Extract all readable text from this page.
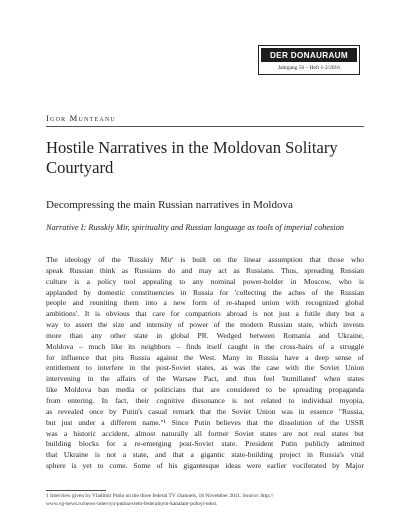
DER DONAURAUM
Jahrgang 56 – Heft 1-2/2016
Igor Munteanu
Hostile Narratives in the Moldovan Solitary Courtyard
Decompressing the main Russian narratives in Moldova
Narrative I: Russkiy Mir, spirituality and Russian language as tools of imperial cohesion
The ideology of the 'Russkiy Mir' is built on the linear assumption that those who
speak Russian think as Russians do and may act as Russians. Thus, spreading Russian
culture is a policy tool appealing to any nominal power-holder in Moscow, who is
applauded by domestic constituencies in Russia for 'collecting the aches of the Russian
people and reuniting them into a new form of re-shaped union with recognized global
ambitions'. It is obvious that care for compatriots abroad is not just a futile duty but a
way to assert the size and intensity of power of the modern Russian state, which invests
more than any other state in global PR. Wedged between Romania and Ukraine,
Moldova – much like its neighbors – finds itself caught in the cross-hairs of a struggle
for influence that pits Russia against the West. Many in Russia have a deep sense of
entitlement to interfere in the post-Soviet states, as was the case with the Soviet Union
intervening in the affairs of the Warsaw Pact, and thus feel 'humiliated' when states
like Moldova ban media or politicians that are considered to be spreading propaganda
from entering. In fact, their cognitive dissonance is not related to individual myopia,
as revealed once by Putin's casual remark that the Soviet Union was in essence "Russia,
but just under a different name."¹ Since Putin believes that the dissolution of the USSR
was a historic accident, almost naturally all former Soviet states are not real states but
building blocks for a re-emerging post-Soviet state. President Putin publicly admitted
that Ukraine is not a state, and that a gigantic state-building project in Russia's vital
sphere is yet to come. Some of his gigantesque ideas were earlier vociferated by Major
1 Interview given by Vladimir Putin on the three federal TV channels, 18 November 2011. Source: http://
www.vg-news.ru/news-intervyu-putina-trem-federalnym-kanalam-polnyi-tekst.
